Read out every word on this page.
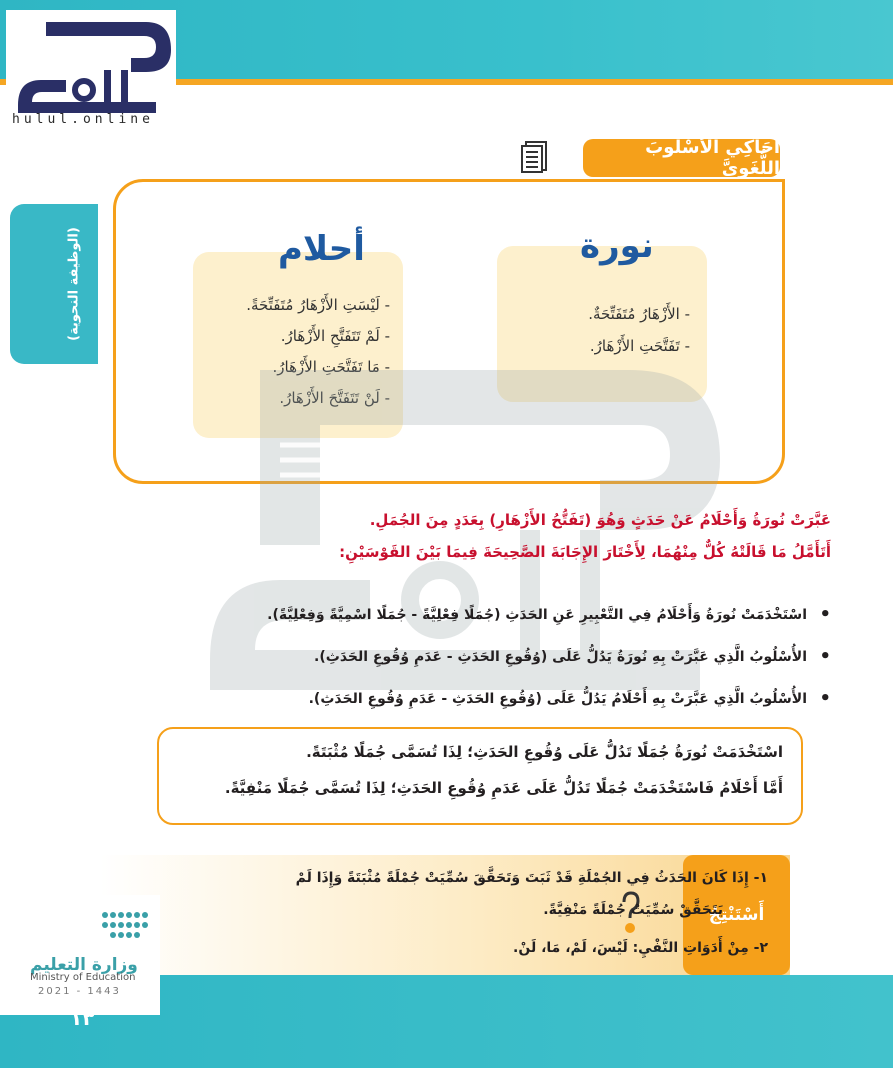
hulul.online
(الوظيفة النحوية)
أُحَاكِي الأُسْلُوبَ اللُّغَوِيَّ
نورة
- الأَزْهَارُ مُتَفَتِّحَةٌ.
- تَفَتَّحَتِ الأَزْهَارُ.
أحلام
- لَيْسَتِ الأَزْهَارُ مُتَفَتِّحَةً.
- لَمْ تَتَفَتَّحِ الأَزْهَارُ.
- مَا تَفَتَّحَتِ الأَزْهَارُ.
- لَنْ تَتَفَتَّحَ الأَزْهَارُ.
عَبَّرَتْ نُورَةُ وَأَحْلَامُ عَنْ حَدَثٍ وَهُوَ (تَفَتُّحُ الأَزْهَارِ) بِعَدَدٍ مِنَ الجُمَلِ.
أَتَأَمَّلُ مَا قَالَتْهُ كُلٌّ مِنْهُمَا، لِأَخْتَارَ الإِجَابَةَ الصَّحِيحَةَ فِيمَا بَيْنَ القَوْسَيْنِ:
• اسْتَخْدَمَتْ نُورَةُ وَأَحْلَامُ فِي التَّعْبِيرِ عَنِ الحَدَثِ (جُمَلًا فِعْلِيَّةً - جُمَلًا اسْمِيَّةً وَفِعْلِيَّةً).
• الأُسْلُوبُ الَّذِي عَبَّرَتْ بِهِ نُورَةُ يَدُلُّ عَلَى (وُقُوعِ الحَدَثِ - عَدَمِ وُقُوعِ الحَدَثِ).
• الأُسْلُوبُ الَّذِي عَبَّرَتْ بِهِ أَحْلَامُ يَدُلُّ عَلَى (وُقُوعِ الحَدَثِ - عَدَمِ وُقُوعِ الحَدَثِ).

اسْتَخْدَمَتْ نُورَةُ جُمَلًا تَدُلُّ عَلَى وُقُوعِ الحَدَثِ؛ لِذَا تُسَمَّى جُمَلًا مُثْبَتَةً.

أَمَّا أَحْلَامُ فَاسْتَخْدَمَتْ جُمَلًا تَدُلُّ عَلَى عَدَمِ وُقُوعِ الحَدَثِ؛ لِذَا تُسَمَّى جُمَلًا مَنْفِيَّةً.

أَسْتَنْتِجُ
١- إِذَا كَانَ الحَدَثُ فِي الجُمْلَةِ قَدْ ثَبَتَ وَتَحَقَّقَ سُمِّيَتْ جُمْلَةً مُثْبَتَةً وَإِذَا لَمْ
يَتَحَقَّقْ سُمِّيَتْ جُمْلَةً مَنْفِيَّةً.
٢- مِنْ أَدَوَاتِ النَّفْيِ: لَيْسَ، لَمْ، مَا، لَنْ.
وزارة التعليم
Ministry of Education
2021 - 1443
١٣
